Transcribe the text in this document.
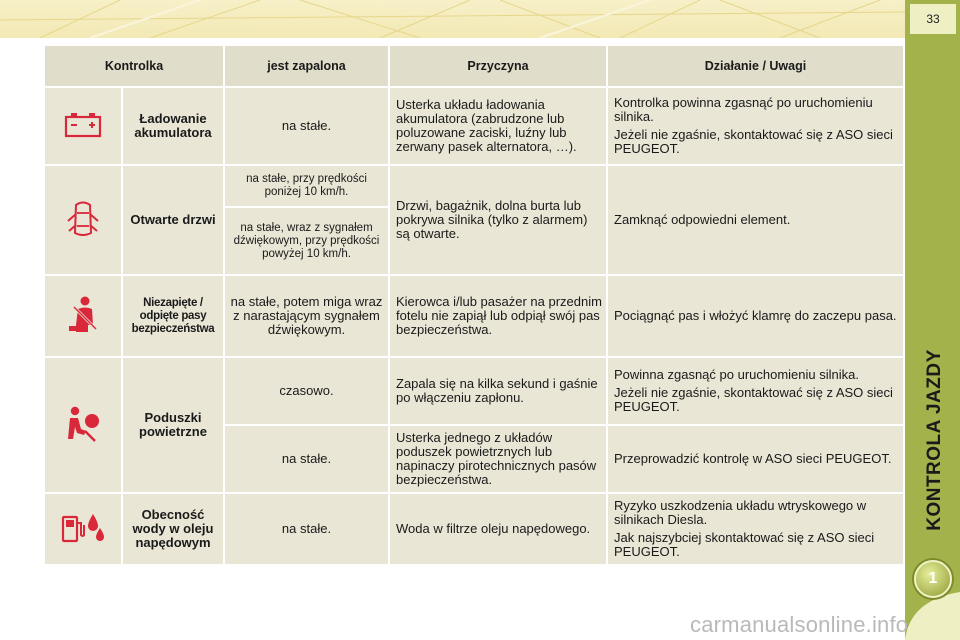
33
KONTROLA JAZDY
1
Kontrolka		jest zapalona	Przyczyna	Działanie / Uwagi
	Ładowanie akumulatora	na stałe.	Usterka układu ładowania akumulatora (zabrudzone lub poluzowane zaciski, luźny lub zerwany pasek alternatora, …).	Kontrolka powinna zgasnąć po uruchomieniu silnika.

Jeżeli nie zgaśnie, skontaktować się z ASO sieci PEUGEOT.

	Otwarte drzwi	na stałe, przy prędkości poniżej 10 km/h.	Drzwi, bagażnik, dolna burta lub pokrywa silnika (tylko z alarmem) są otwarte.	Zamknąć odpowiedni element.

		na stałe, wraz z sygnałem dźwiękowym, przy prędkości powyżej 10 km/h.		
	Niezapięte / odpięte pasy bezpieczeństwa	na stałe, potem miga wraz z narastającym sygnałem dźwiękowym.	Kierowca i/lub pasażer na przednim fotelu nie zapiął lub odpiął swój pas bezpieczeństwa.	Pociągnąć pas i włożyć klamrę do zaczepu pasa.

	Poduszki powietrzne	czasowo.	Zapala się na kilka sekund i gaśnie po włączeniu zapłonu.	Powinna zgasnąć po uruchomieniu silnika.

Jeżeli nie zgaśnie, skontaktować się z ASO sieci PEUGEOT.

		na stałe.	Usterka jednego z układów poduszek powietrznych lub napinaczy pirotechnicznych pasów bezpieczeństwa.	Przeprowadzić kontrolę w ASO sieci PEUGEOT.

	Obecność wody w oleju napędowym	na stałe.	Woda w filtrze oleju napędowego.	Ryzyko uszkodzenia układu wtryskowego w silnikach Diesla.

Jak najszybciej skontaktować się z ASO sieci PEUGEOT.

carmanualsonline.info
